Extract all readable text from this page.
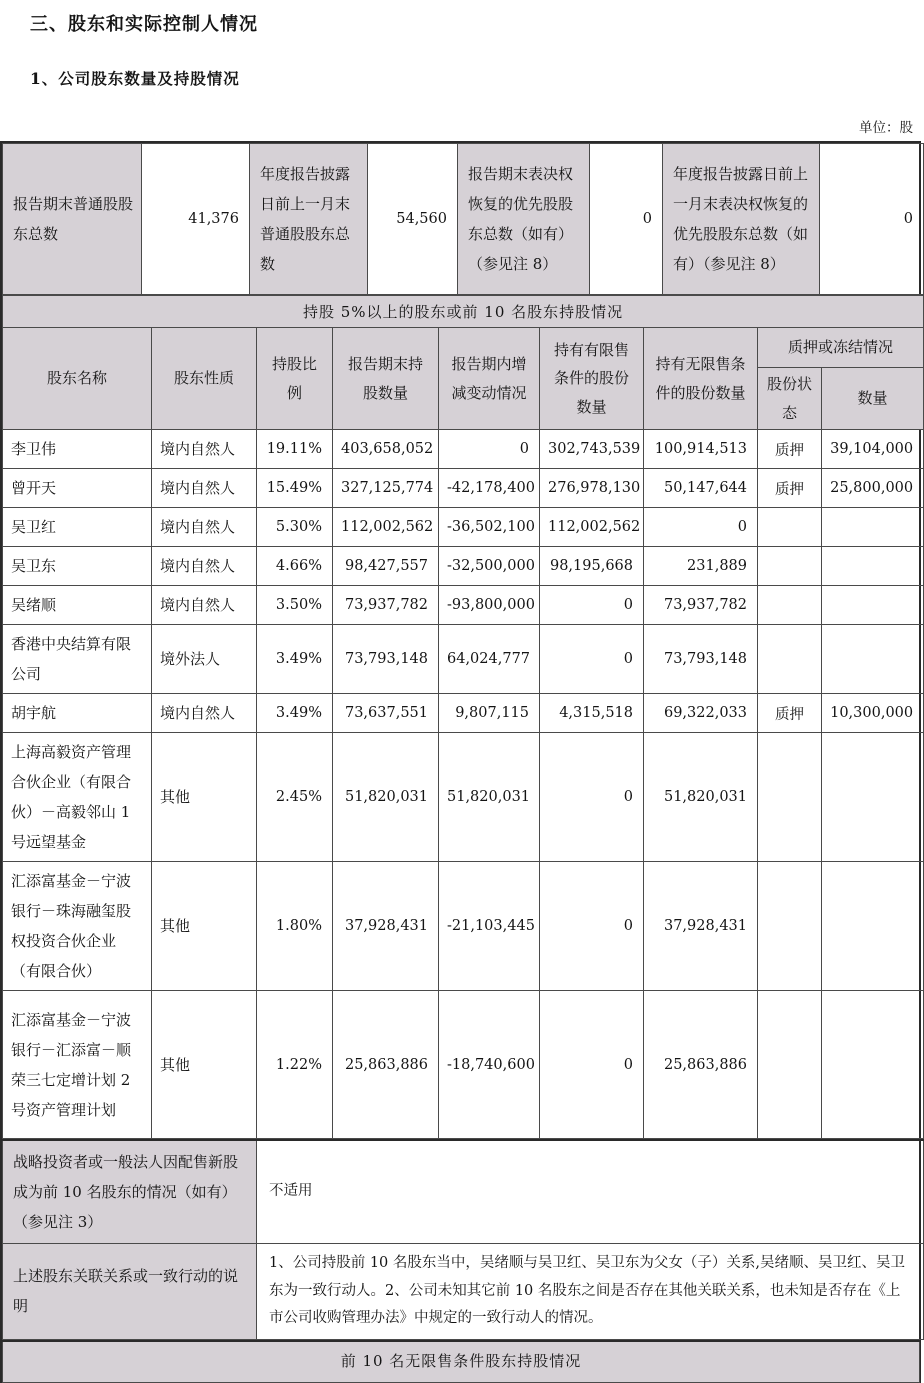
三、股东和实际控制人情况
1、公司股东数量及持股情况
单位：股
报告期末普通股股东总数	41,376	年度报告披露日前上一月末普通股股东总数	54,560	报告期末表决权恢复的优先股股东总数（如有）（参见注 8）	0	年度报告披露日前上一月末表决权恢复的优先股股东总数（如有）（参见注 8）	0
持股 5%以上的股东或前 10 名股东持股情况								
股东名称	股东性质	持股比例	报告期末持股数量	报告期内增减变动情况	持有有限售条件的股份数量	持有无限售条件的股份数量	质押或冻结情况	
							股份状态	数量
李卫伟	境内自然人	19.11%	403,658,052	0	302,743,539	100,914,513	质押	39,104,000
曾开天	境内自然人	15.49%	327,125,774	-42,178,400	276,978,130	50,147,644	质押	25,800,000
吴卫红	境内自然人	5.30%	112,002,562	-36,502,100	112,002,562	0		
吴卫东	境内自然人	4.66%	98,427,557	-32,500,000	98,195,668	231,889		
吴绪顺	境内自然人	3.50%	73,937,782	-93,800,000	0	73,937,782		
香港中央结算有限公司	境外法人	3.49%	73,793,148	64,024,777	0	73,793,148		
胡宇航	境内自然人	3.49%	73,637,551	9,807,115	4,315,518	69,322,033	质押	10,300,000
上海高毅资产管理合伙企业（有限合伙）－高毅邻山 1 号远望基金	其他	2.45%	51,820,031	51,820,031	0	51,820,031		
汇添富基金－宁波银行－珠海融玺股权投资合伙企业（有限合伙）	其他	1.80%	37,928,431	-21,103,445	0	37,928,431		
汇添富基金－宁波银行－汇添富－顺荣三七定增计划 2 号资产管理计划	其他	1.22%	25,863,886	-18,740,600	0	25,863,886		
战略投资者或一般法人因配售新股成为前 10 名股东的情况（如有）（参见注 3）	不适用
上述股东关联关系或一致行动的说明	1、公司持股前 10 名股东当中，吴绪顺与吴卫红、吴卫东为父女（子）关系,吴绪顺、吴卫红、吴卫东为一致行动人。2、公司未知其它前 10 名股东之间是否存在其他关联关系，也未知是否存在《上市公司收购管理办法》中规定的一致行动人的情况。
前 10 名无限售条件股东持股情况
